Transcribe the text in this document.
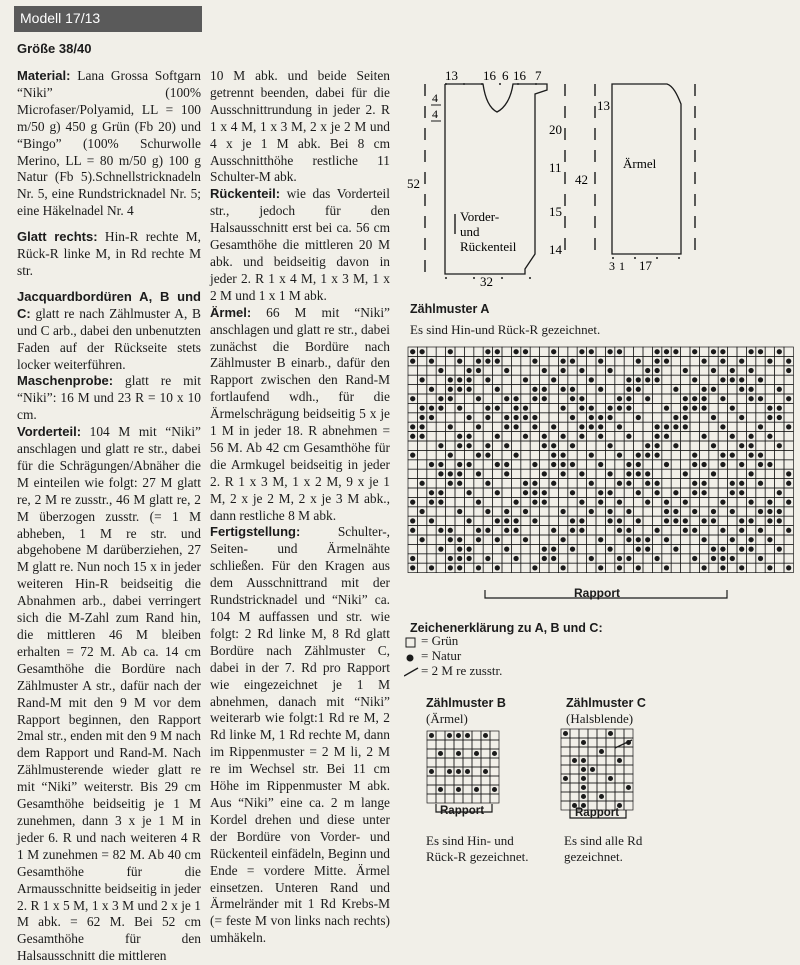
Modell 17/13
Größe 38/40

Material: Lana Grossa Softgarn “Niki” (100% Microfaser/Polyamid, LL = 100 m/50 g) 450 g Grün (Fb 20) und “Bingo” (100% Schurwolle Merino, LL = 80 m/50 g) 100 g Natur (Fb 5).Schnellstricknadeln Nr. 5, eine Rundstricknadel Nr. 5; eine Häkelnadel Nr. 4

Glatt rechts: Hin-R rechte M, Rück-R linke M, in Rd rechte M str.

Jacquardbordüren A, B und C: glatt re nach Zählmuster A, B und C arb., dabei den unbenutzten Faden auf der Rückseite stets locker weiterführen.

Maschenprobe: glatt re mit “Niki”: 16 M und 23 R = 10 x 10 cm.

Vorderteil: 104 M mit “Niki” anschlagen und glatt re str., dabei für die Schrägungen/Abnäher die M einteilen wie folgt: 27 M glatt re, 2 M re zusstr., 46 M glatt re, 2 M überzogen zusstr. (= 1 M abheben, 1 M re str. und abgehobene M darüberziehen, 27 M glatt re. Nun noch 15 x in jeder weiteren Hin-R beidseitig die Abnahmen arb., dabei verringert sich die M-Zahl zum Rand hin, die mittleren 46 M bleiben erhalten = 72 M. Ab ca. 14 cm Gesamthöhe die Bordüre nach Zählmuster A str., dafür nach der Rand-M mit den 9 M vor dem Rapport beginnen, den Rapport 2mal str., enden mit den 9 M nach dem Rapport und Rand-M. Nach Zählmusterende wieder glatt re mit “Niki” weiterstr. Bis 29 cm Gesamthöhe beidseitig je 1 M zunehmen, dann 3 x je 1 M in jeder 6. R und nach weiteren 4 R 1 M zunehmen = 82 M. Ab 40 cm Gesamthöhe für die Armausschnitte beidseitig in jeder 2. R 1 x 5 M, 1 x 3 M und 2 x je 1 M abk. = 62 M. Bei 52 cm Gesamthöhe für den Halsausschnitt die mittleren

10 M abk. und beide Seiten getrennt beenden, dabei für die Ausschnittrundung in jeder 2. R 1 x 4 M, 1 x 3 M, 2 x je 2 M und 4 x je 1 M abk. Bei 8 cm Ausschnitthöhe restliche 11 Schulter-M abk.

Rückenteil: wie das Vorderteil str., jedoch für den Halsausschnitt erst bei ca. 56 cm Gesamthöhe die mittleren 20 M abk. und beidseitig davon in jeder 2. R 1 x 4 M, 1 x 3 M, 1 x 2 M und 1 x 1 M abk.

Ärmel: 66 M mit “Niki” anschlagen und glatt re str., dabei zunächst die Bordüre nach Zählmuster B einarb., dafür den Rapport zwischen den Rand-M fortlaufend wdh., für die Ärmelschrägung beidseitig 5 x je 1 M in jeder 18. R abnehmen = 56 M. Ab 42 cm Gesamthöhe für die Armkugel beidseitig in jeder 2. R 1 x 3 M, 1 x 2 M, 9 x je 1 M, 2 x je 2 M, 2 x je 3 M abk., dann restliche 8 M abk.

Fertigstellung: Schulter-, Seiten- und Ärmelnähte schließen. Für den Kragen aus dem Ausschnittrand mit der Rundstricknadel und “Niki” ca. 104 M auffassen und str. wie folgt: 2 Rd linke M, 8 Rd glatt Bordüre nach Zählmuster C, dabei in der 7. Rd pro Rapport wie eingezeichnet je 1 M abnehmen, danach mit “Niki” weiterarb wie folgt:1 Rd re M, 2 Rd linke M, 1 Rd rechte M, dann im Rippenmuster = 2 M li, 2 M re im Wechsel str. Bei 11 cm Höhe im Rippenmuster M abk. Aus “Niki” eine ca. 2 m lange Kordel drehen und diese unter der Bordüre von Vorder- und Rückenteil einfädeln, Beginn und Ende = vordere Mitte. Ärmel einsetzen. Unteren Rand und Ärmelränder mit 1 Rd Krebs-M (= feste M von links nach rechts) umhäkeln.

13 16 6 16 7
4
4
20
11
52
15
14
32
Vorder-
und
Rückenteil
13
Ärmel
42
3 1 17
Zählmuster A
Es sind Hin-und Rück-R gezeichnet.
Rapport
Zeichenerklärung zu A, B und C:
= Grün
= Natur
= 2 M re zusstr.
Zählmuster B
(Ärmel)
Rapport
Es sind Hin- und Rück-R gezeichnet.
Zählmuster C
(Halsblende)
Rapport
Es sind alle Rd gezeichnet.
